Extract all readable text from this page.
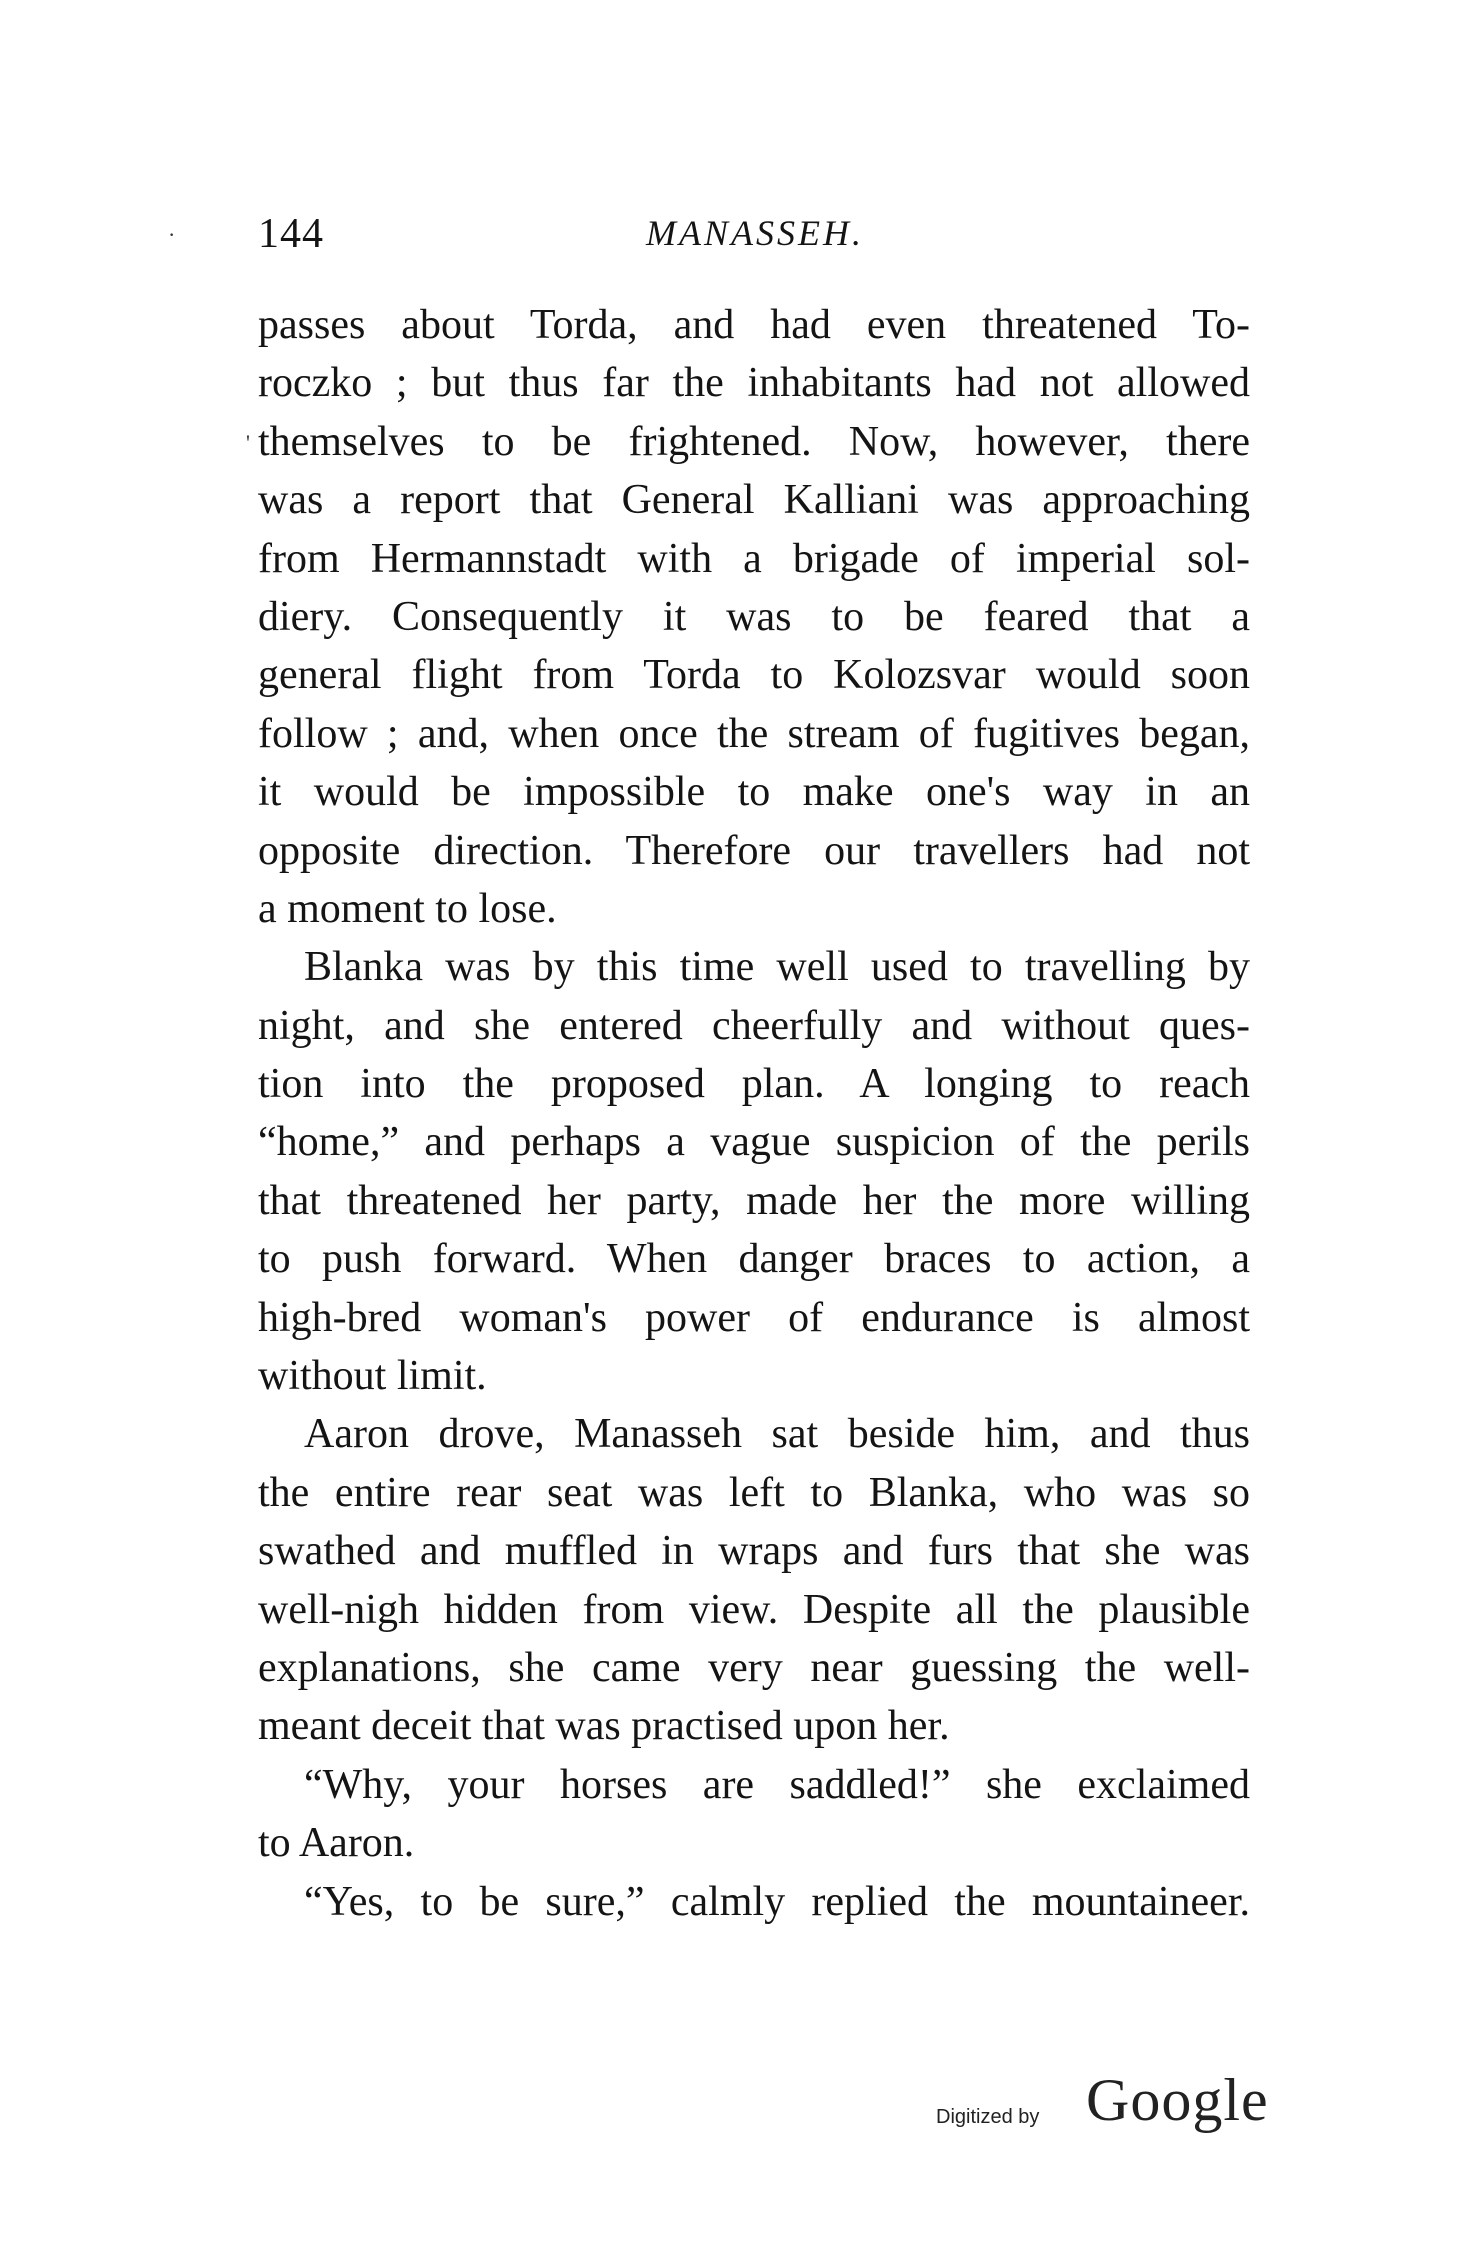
144	MANASSEH.
passes about Torda, and had even threatened To-
roczko ; but thus far the inhabitants had not allowed
themselves to be frightened. Now, however, there
was a report that General Kalliani was approaching
from Hermannstadt with a brigade of imperial sol-
diery. Consequently it was to be feared that a
general flight from Torda to Kolozsvar would soon
follow ; and, when once the stream of fugitives began,
it would be impossible to make one's way in an
opposite direction. Therefore our travellers had not
a moment to lose.
Blanka was by this time well used to travelling by
night, and she entered cheerfully and without ques-
tion into the proposed plan. A longing to reach
“home,” and perhaps a vague suspicion of the perils
that threatened her party, made her the more willing
to push forward. When danger braces to action, a
high-bred woman's power of endurance is almost
without limit.
Aaron drove, Manasseh sat beside him, and thus
the entire rear seat was left to Blanka, who was so
swathed and muffled in wraps and furs that she was
well-nigh hidden from view. Despite all the plausible
explanations, she came very near guessing the well-
meant deceit that was practised upon her.
“Why, your horses are saddled!” she exclaimed
to Aaron.
“Yes, to be sure,” calmly replied the mountaineer.
·
'
Digitized by Google
